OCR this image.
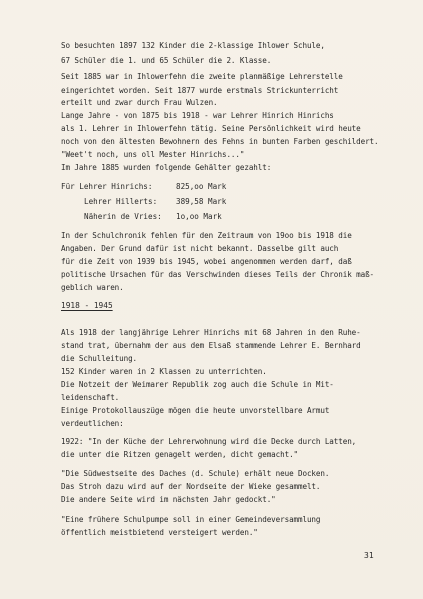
So besuchten 1897 132 Kinder die 2-klassige Ihlower Schule,
67 Schüler die 1. und 65 Schüler die 2. Klasse.
Seit 1885 war in Ihlowerfehn die zweite planmäßige Lehrerstelle
eingerichtet worden. Seit 1877 wurde erstmals Strickunterricht
erteilt und zwar durch Frau Wulzen.
Lange Jahre - von 1875 bis 1918 - war Lehrer Hinrich Hinrichs
als 1. Lehrer in Ihlowerfehn tätig. Seine Persönlichkeit wird heute
noch von den ältesten Bewohnern des Fehns in bunten Farben geschildert.
"Weet't noch, uns oll Mester Hinrichs..."
Im Jahre 1885 wurden folgende Gehälter gezahlt:
Für Lehrer Hinrichs:	825,oo Mark
Lehrer Hillerts: 389,58 Mark
Näherin de Vries: 1o,oo Mark
In der Schulchronik fehlen für den Zeitraum von 19oo bis 1918 die
Angaben. Der Grund dafür ist nicht bekannt. Dasselbe gilt auch
für die Zeit von 1939 bis 1945, wobei angenommen werden darf, daß
politische Ursachen für das Verschwinden dieses Teils der Chronik maß-
geblich waren.
1918 - 1945
Als 1918 der langjährige Lehrer Hinrichs mit 68 Jahren in den Ruhe-
stand trat, übernahm der aus dem Elsaß stammende Lehrer E. Bernhard
die Schulleitung.
152 Kinder waren in 2 Klassen zu unterrichten.
Die Notzeit der Weimarer Republik zog auch die Schule in Mit-
leidenschaft.
Einige Protokollauszüge mögen die heute unvorstellbare Armut
verdeutlichen:
1922: "In der Küche der Lehrerwohnung wird die Decke durch Latten,
die unter die Ritzen genagelt werden, dicht gemacht."
"Die Südwestseite des Daches (d. Schule) erhält neue Docken.
Das Stroh dazu wird auf der Nordseite der Wieke gesammelt.
Die andere Seite wird im nächsten Jahr gedockt."
"Eine frühere Schulpumpe soll in einer Gemeindeversammlung
öffentlich meistbietend versteigert werden."
31
